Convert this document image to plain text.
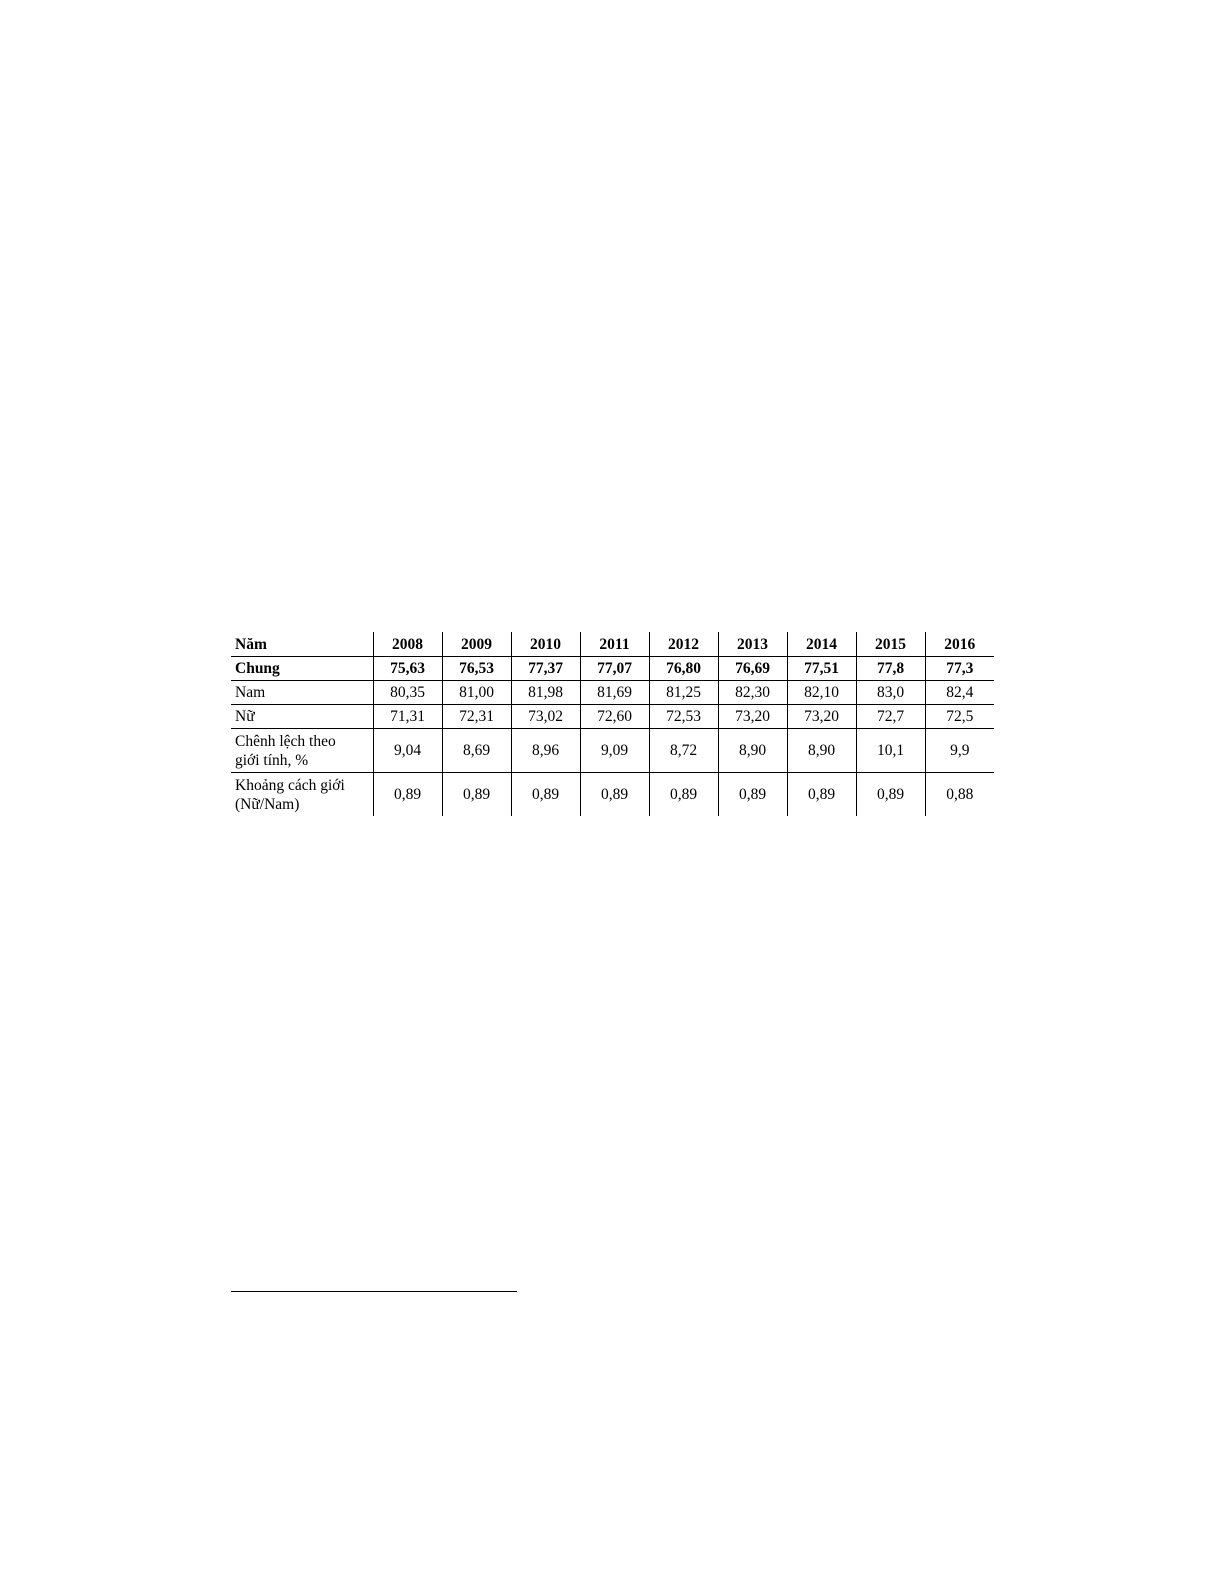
Năm	2008	2009	2010	2011	2012	2013	2014	2015	2016
Chung	75,63	76,53	77,37	77,07	76,80	76,69	77,51	77,8	77,3
Nam	80,35	81,00	81,98	81,69	81,25	82,30	82,10	83,0	82,4
Nữ	71,31	72,31	73,02	72,60	72,53	73,20	73,20	72,7	72,5
Chênh lệch theo
giới tính, %	9,04	8,69	8,96	9,09	8,72	8,90	8,90	10,1	9,9
Khoảng cách giới
(Nữ/Nam)	0,89	0,89	0,89	0,89	0,89	0,89	0,89	0,89	0,88
